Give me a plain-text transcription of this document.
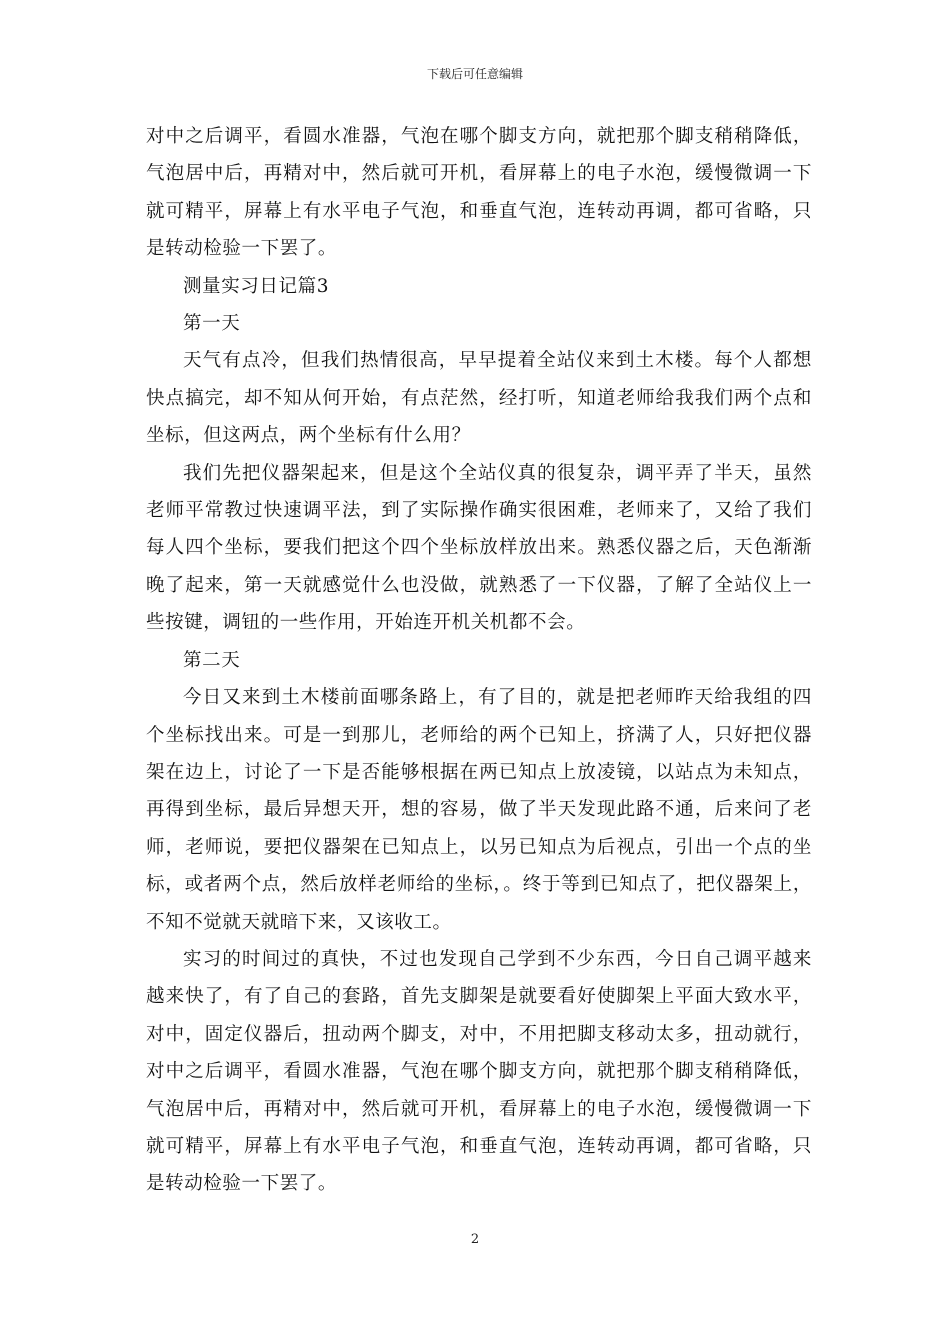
下载后可任意编辑

对中之后调平，看圆水准器，气泡在哪个脚支方向，就把那个脚支稍稍降低，气泡居中后，再精对中，然后就可开机，看屏幕上的电子水泡，缓慢微调一下就可精平，屏幕上有水平电子气泡，和垂直气泡，连转动再调，都可省略，只是转动检验一下罢了。

测量实习日记篇3

第一天

天气有点冷，但我们热情很高，早早提着全站仪来到土木楼。每个人都想快点搞完，却不知从何开始，有点茫然，经打听，知道老师给我我们两个点和坐标，但这两点，两个坐标有什么用？

我们先把仪器架起来，但是这个全站仪真的很复杂，调平弄了半天，虽然老师平常教过快速调平法，到了实际操作确实很困难，老师来了，又给了我们每人四个坐标，要我们把这个四个坐标放样放出来。熟悉仪器之后，天色渐渐晚了起来，第一天就感觉什么也没做，就熟悉了一下仪器，了解了全站仪上一些按键，调钮的一些作用，开始连开机关机都不会。

第二天

今日又来到土木楼前面哪条路上，有了目的，就是把老师昨天给我组的四个坐标找出来。可是一到那儿，老师给的两个已知上，挤满了人，只好把仪器架在边上，讨论了一下是否能够根据在两已知点上放凌镜，以站点为未知点，再得到坐标，最后异想天开，想的容易，做了半天发现此路不通，后来问了老师，老师说，要把仪器架在已知点上，以另已知点为后视点，引出一个点的坐标，或者两个点，然后放样老师给的坐标，。终于等到已知点了，把仪器架上，不知不觉就天就暗下来，又该收工。

实习的时间过的真快，不过也发现自己学到不少东西，今日自己调平越来越来快了，有了自己的套路，首先支脚架是就要看好使脚架上平面大致水平，对中，固定仪器后，扭动两个脚支，对中，不用把脚支移动太多，扭动就行，对中之后调平，看圆水准器，气泡在哪个脚支方向，就把那个脚支稍稍降低，气泡居中后，再精对中，然后就可开机，看屏幕上的电子水泡，缓慢微调一下就可精平，屏幕上有水平电子气泡，和垂直气泡，连转动再调，都可省略，只是转动检验一下罢了。

2
